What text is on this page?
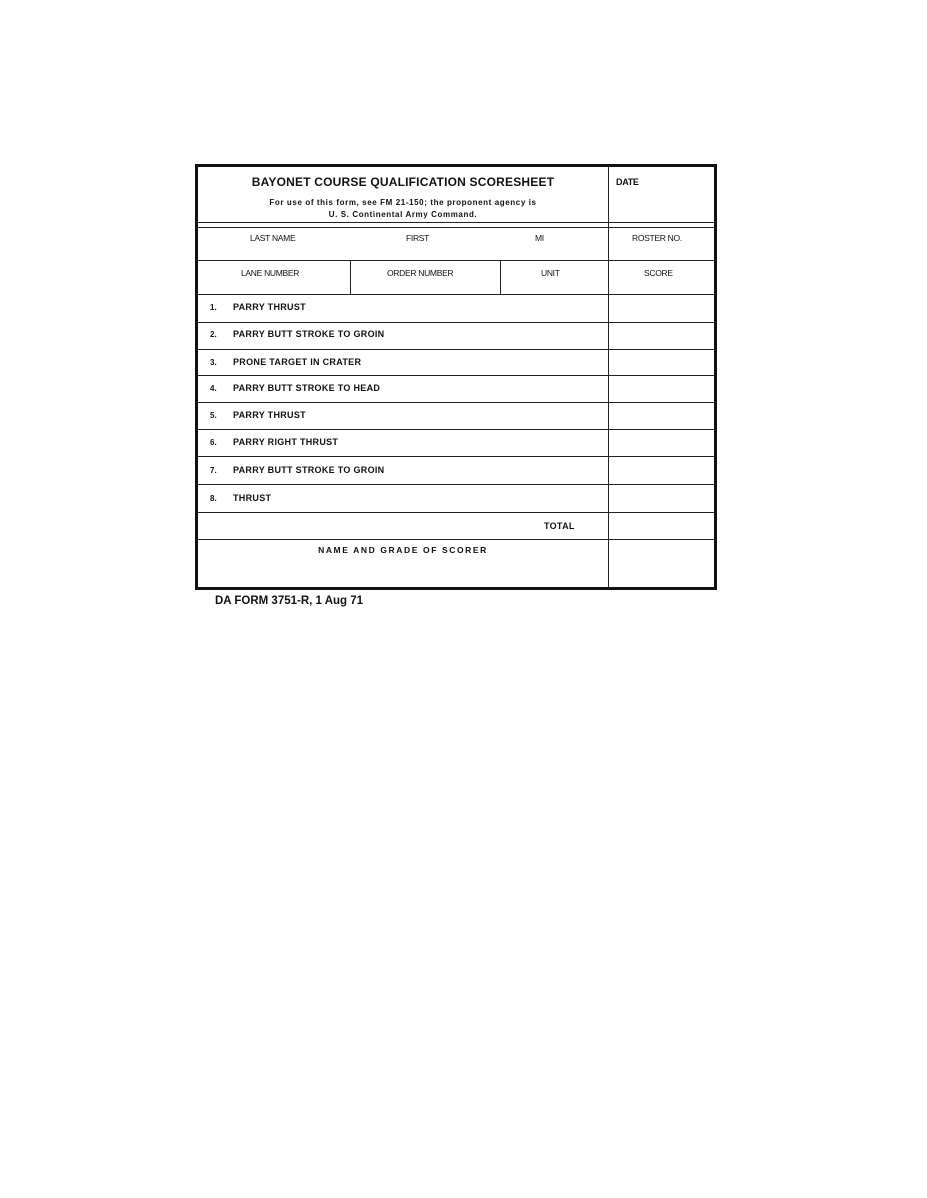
BAYONET COURSE QUALIFICATION SCORESHEET
For use of this form, see FM 21-150; the proponent agency is
U. S. Continental Army Command.
DATE
LAST NAME	FIRST	MI	ROSTER NO.
LANE NUMBER	ORDER NUMBER	UNIT	SCORE
1. PARRY THRUST
2. PARRY BUTT STROKE TO GROIN
3. PRONE TARGET IN CRATER
4. PARRY BUTT STROKE TO HEAD
5. PARRY THRUST
6. PARRY RIGHT THRUST
7. PARRY BUTT STROKE TO GROIN
8. THRUST
TOTAL
NAME AND GRADE OF SCORER
DA FORM 3751-R, 1 Aug 71
